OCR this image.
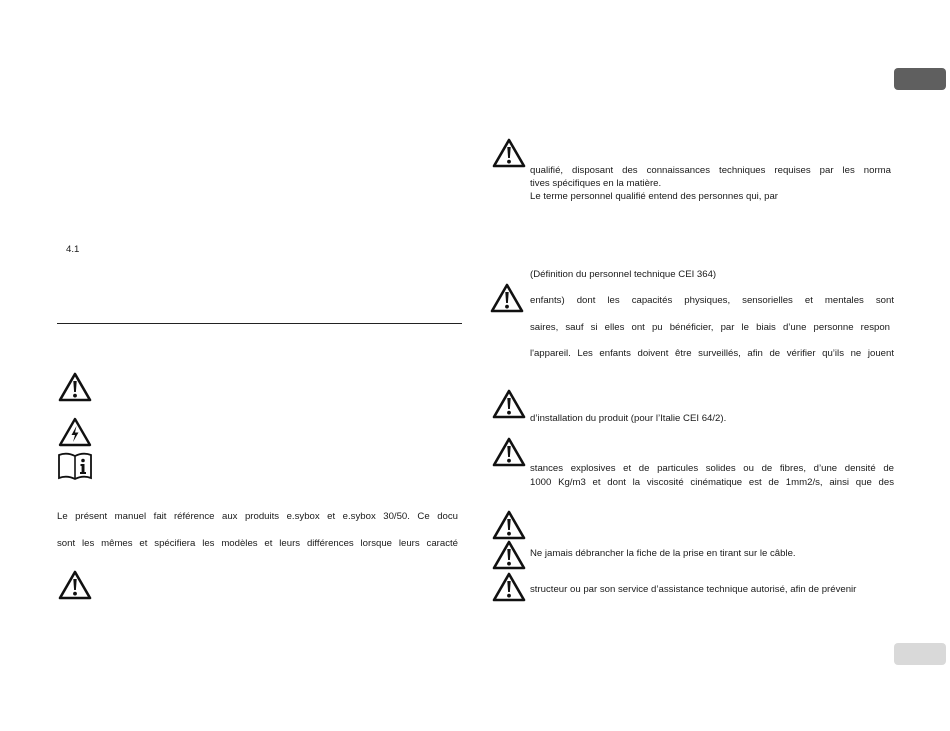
4.1
Le présent manuel fait référence aux produits e.sybox et e.sybox 30/50. Ce docu
sont les mêmes et spécifiera les modèles et leurs différences lorsque leurs caracté
qualifié, disposant des connaissances techniques requises par les norma
tives spécifiques en la matière.
Le terme personnel qualifié entend des personnes qui, par
(Définition du personnel technique CEI 364)
enfants) dont les capacités physiques, sensorielles et mentales sont
saires, sauf si elles ont pu bénéficier, par le biais d’une personne respon
l'appareil. Les enfants doivent être surveillés, afin de vérifier qu’ils ne jouent
d’installation du produit (pour l’Italie CEI 64/2).
stances explosives et de particules solides ou de fibres, d’une densité de
1000 Kg/m3 et dont la viscosité cinématique est de 1mm2/s, ainsi que des
Ne jamais débrancher la fiche de la prise en tirant sur le câble.
structeur ou par son service d’assistance technique autorisé, afin de prévenir
